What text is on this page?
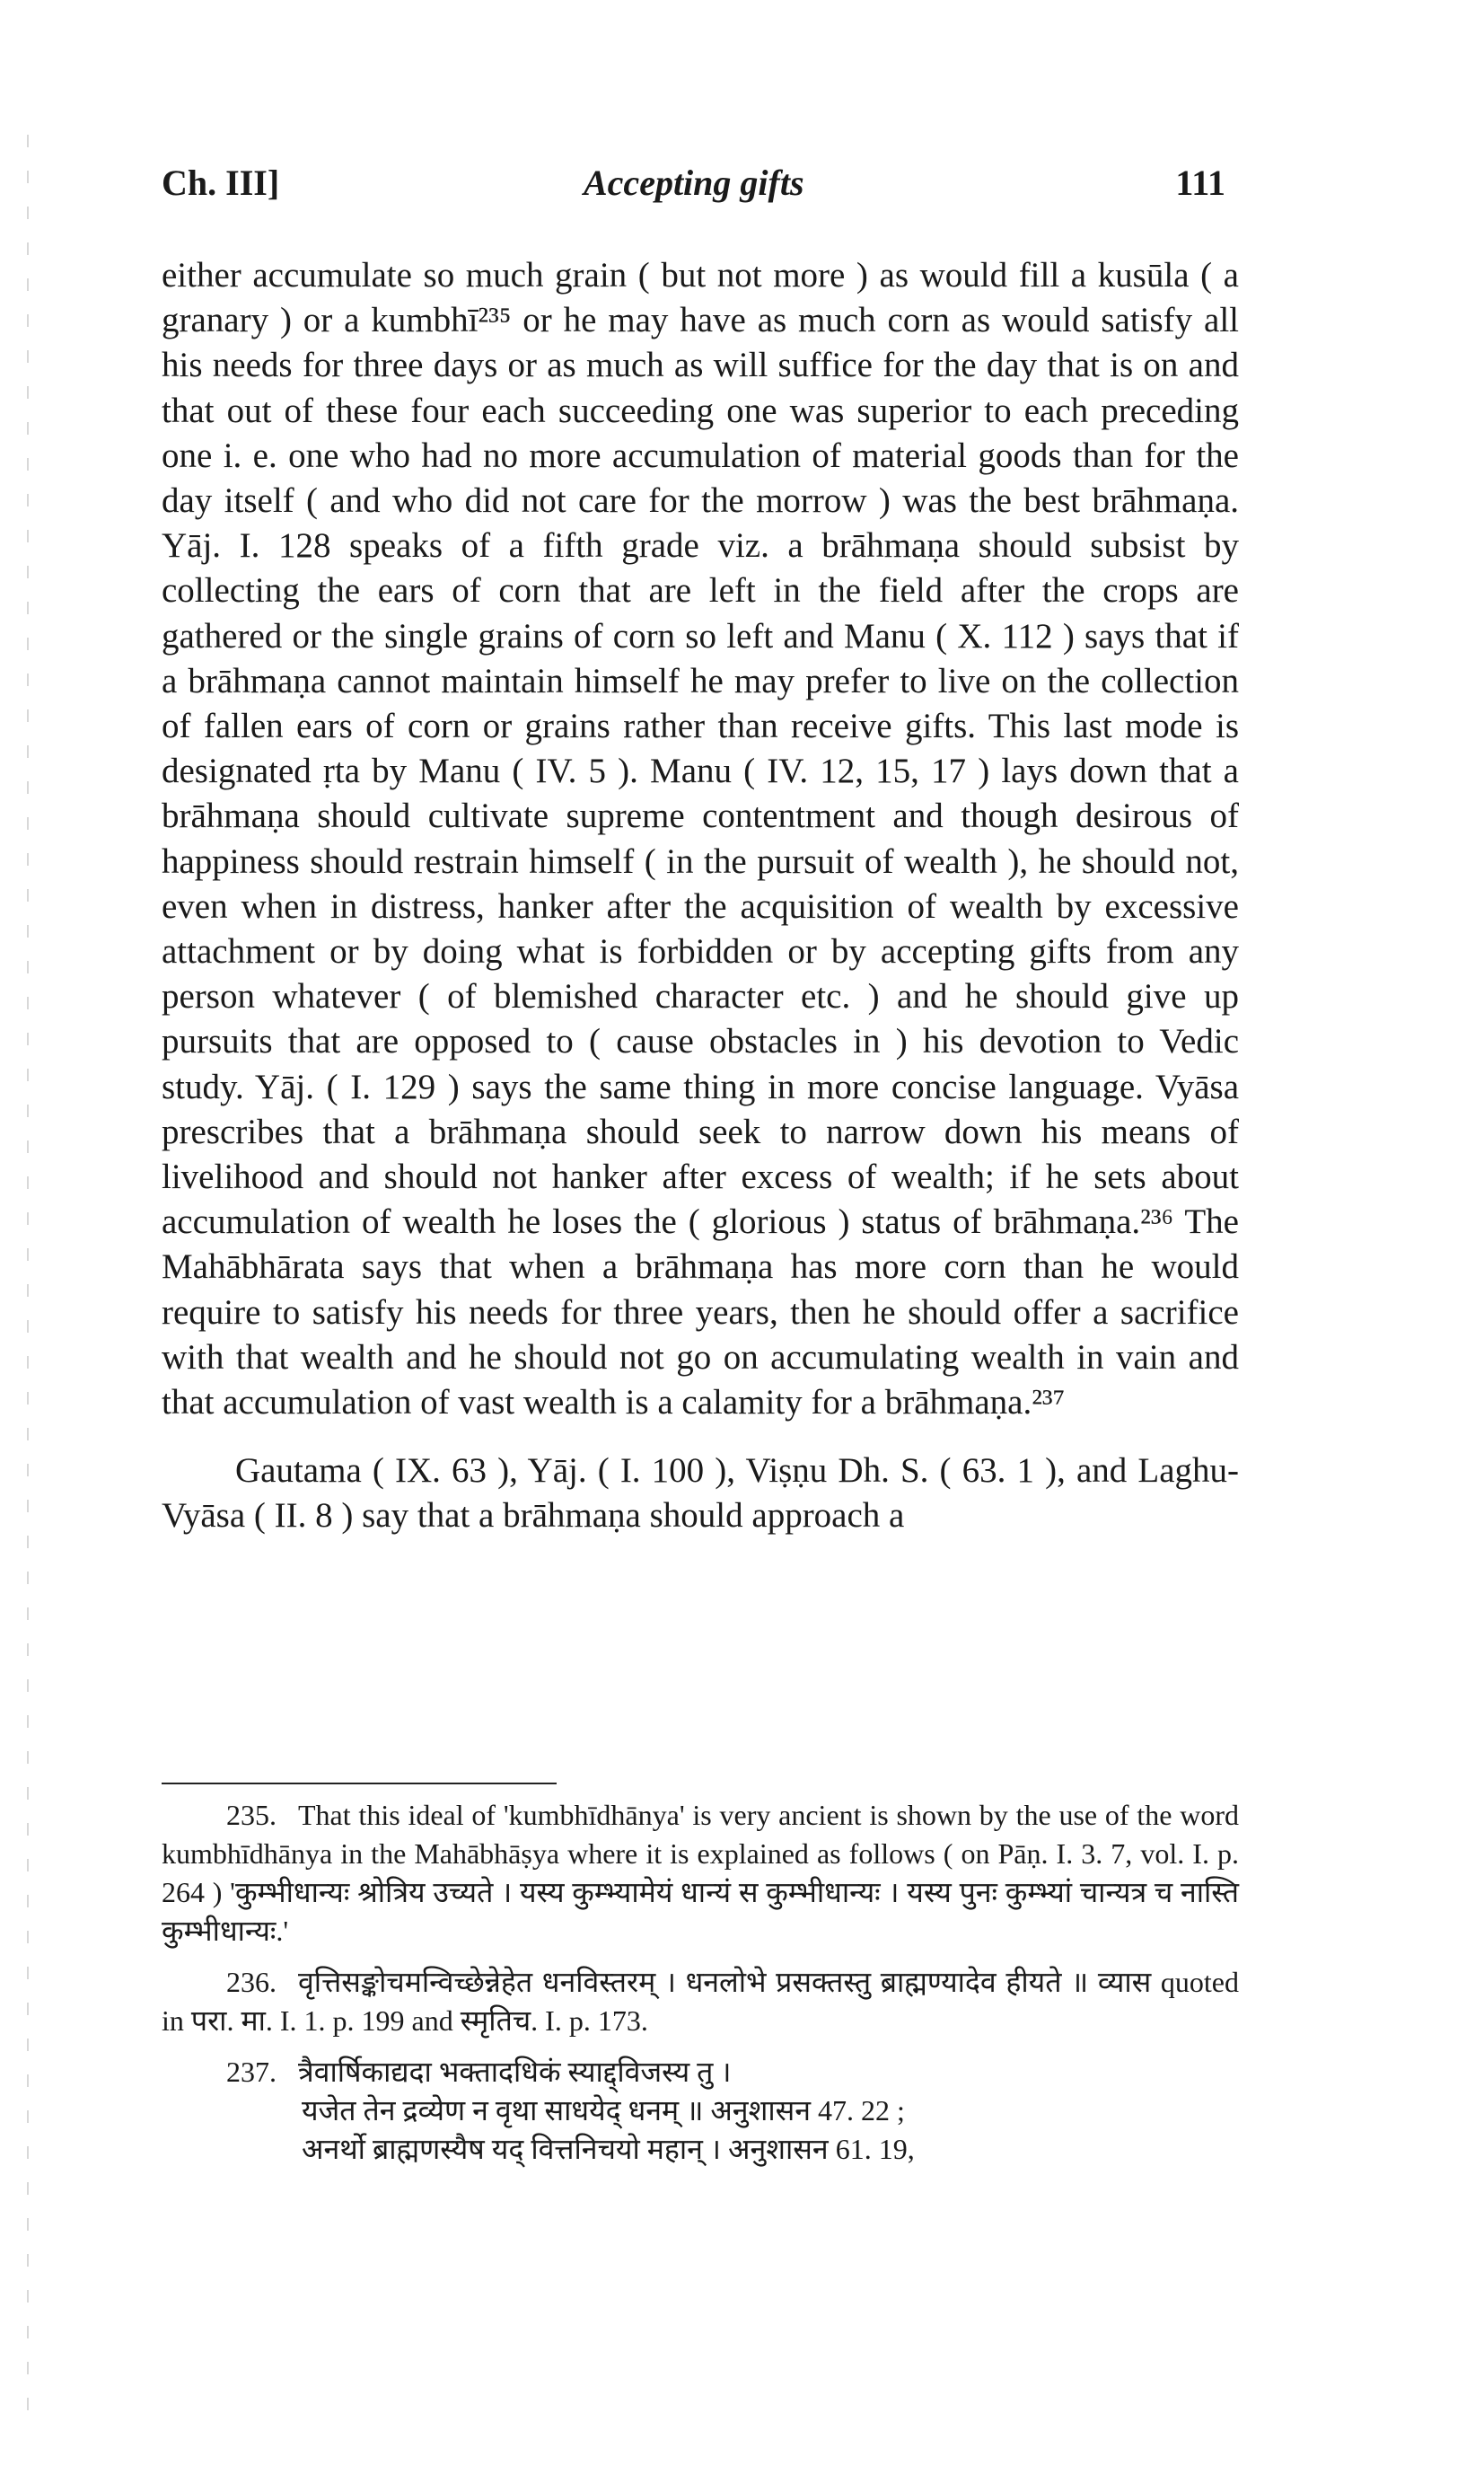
Ch. III]	Accepting gifts	111

either accumulate so much grain ( but not more ) as would fill a kusūla ( a granary ) or a kumbhī²³⁵ or he may have as much corn as would satisfy all his needs for three days or as much as will suffice for the day that is on and that out of these four each succeeding one was superior to each preceding one i. e. one who had no more accumulation of material goods than for the day itself ( and who did not care for the morrow ) was the best brāhmaṇa. Yāj. I. 128 speaks of a fifth grade viz. a brāhmaṇa should subsist by collecting the ears of corn that are left in the field after the crops are gathered or the single grains of corn so left and Manu ( X. 112 ) says that if a brāhmaṇa cannot maintain himself he may prefer to live on the collection of fallen ears of corn or grains rather than receive gifts. This last mode is designated ṛta by Manu ( IV. 5 ). Manu ( IV. 12, 15, 17 ) lays down that a brāhmaṇa should cultivate supreme contentment and though desirous of happiness should restrain himself ( in the pursuit of wealth ), he should not, even when in distress, hanker after the acquisition of wealth by excessive attachment or by doing what is forbidden or by accepting gifts from any person whatever ( of blemished character etc. ) and he should give up pursuits that are opposed to ( cause obstacles in ) his devotion to Vedic study. Yāj. ( I. 129 ) says the same thing in more concise language. Vyāsa prescribes that a brāhmaṇa should seek to narrow down his means of livelihood and should not hanker after excess of wealth; if he sets about accumulation of wealth he loses the ( glorious ) status of brāhmaṇa.²³⁶ The Mahābhārata says that when a brāhmaṇa has more corn than he would require to satisfy his needs for three years, then he should offer a sacrifice with that wealth and he should not go on accumulating wealth in vain and that accumulation of vast wealth is a calamity for a brāhmaṇa.²³⁷

Gautama ( IX. 63 ), Yāj. ( I. 100 ), Viṣṇu Dh. S. ( 63. 1 ), and Laghu-Vyāsa ( II. 8 ) say that a brāhmaṇa should approach a

235. That this ideal of 'kumbhīdhānya' is very ancient is shown by the use of the word kumbhīdhānya in the Mahābhāṣya where it is explained as follows ( on Pāṇ. I. 3. 7, vol. I. p. 264 ) 'कुम्भीधान्यः श्रोत्रिय उच्यते । यस्य कुम्भ्यामेयं धान्यं स कुम्भीधान्यः । यस्य पुनः कुम्भ्यां चान्यत्र च नास्ति कुम्भीधान्यः.'

236. वृत्तिसङ्कोचमन्विच्छेन्नेहेत धनविस्तरम् । धनलोभे प्रसक्तस्तु ब्राह्मण्यादेव हीयते ॥ व्यास quoted in परा. मा. I. 1. p. 199 and स्मृतिच. I. p. 173.

237. त्रैवार्षिकाद्यदा भक्तादधिकं स्याद्द्विजस्य तु ।
यजेत तेन द्रव्येण न वृथा साधयेद् धनम् ॥ अनुशासन 47. 22 ;
अनर्थो ब्राह्मणस्यैष यद् वित्तनिचयो महान् । अनुशासन 61. 19,
